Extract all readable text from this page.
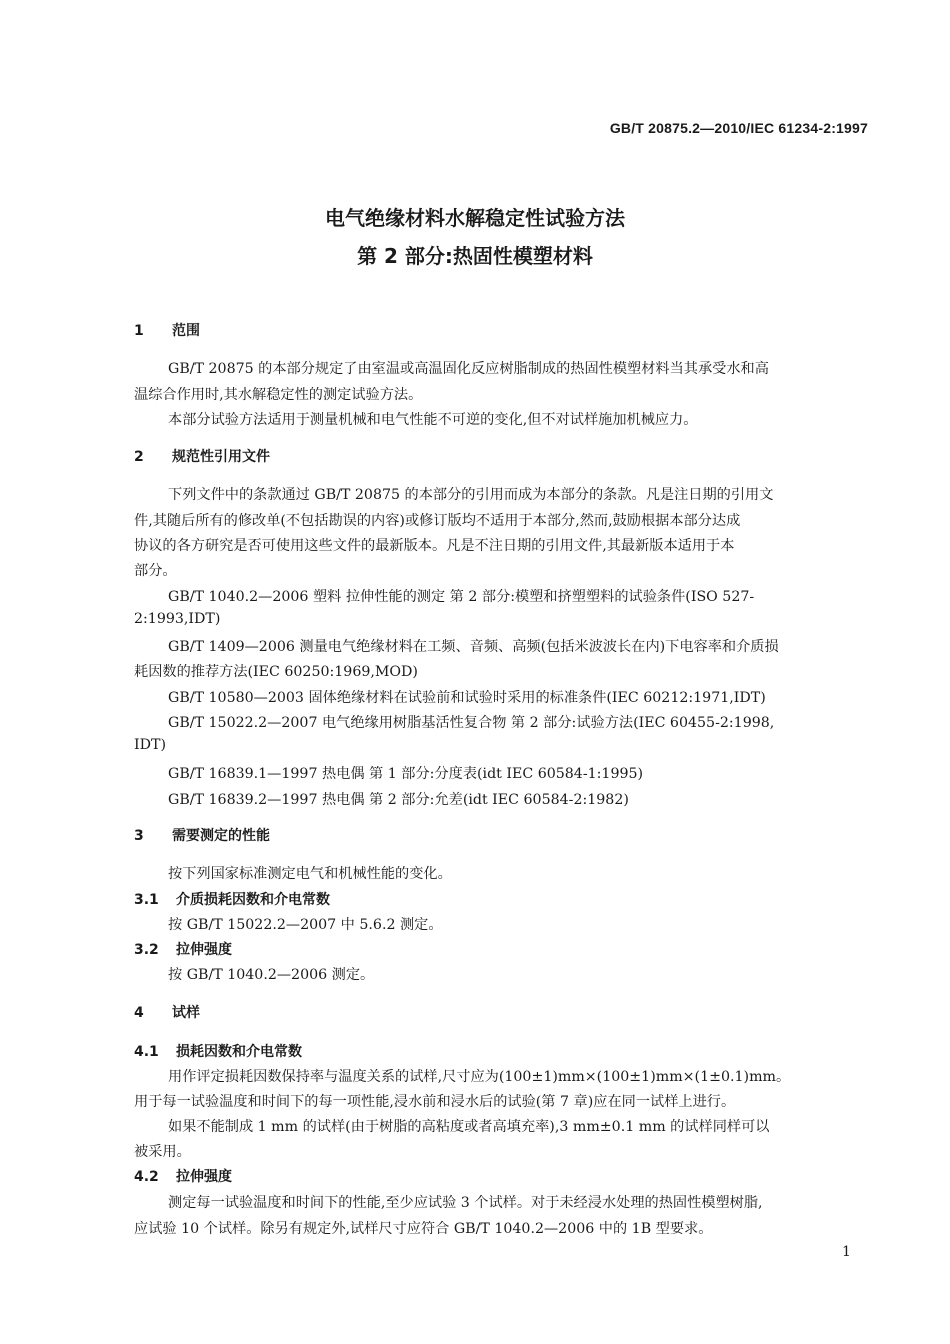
GB/T 20875.2—2010/IEC 61234-2:1997
电气绝缘材料水解稳定性试验方法
第 2 部分:热固性模塑材料
1 范围
GB/T 20875 的本部分规定了由室温或高温固化反应树脂制成的热固性模塑材料当其承受水和高
温综合作用时,其水解稳定性的测定试验方法。
本部分试验方法适用于测量机械和电气性能不可逆的变化,但不对试样施加机械应力。
2 规范性引用文件
下列文件中的条款通过 GB/T 20875 的本部分的引用而成为本部分的条款。凡是注日期的引用文
件,其随后所有的修改单(不包括勘误的内容)或修订版均不适用于本部分,然而,鼓励根据本部分达成
协议的各方研究是否可使用这些文件的最新版本。凡是不注日期的引用文件,其最新版本适用于本
部分。
GB/T 1040.2—2006 塑料 拉伸性能的测定 第 2 部分:模塑和挤塑塑料的试验条件(ISO 527-
2:1993,IDT)
GB/T 1409—2006 测量电气绝缘材料在工频、音频、高频(包括米波波长在内)下电容率和介质损
耗因数的推荐方法(IEC 60250:1969,MOD)
GB/T 10580—2003 固体绝缘材料在试验前和试验时采用的标准条件(IEC 60212:1971,IDT)
GB/T 15022.2—2007 电气绝缘用树脂基活性复合物 第 2 部分:试验方法(IEC 60455-2:1998,
IDT)
GB/T 16839.1—1997 热电偶 第 1 部分:分度表(idt IEC 60584-1:1995)
GB/T 16839.2—1997 热电偶 第 2 部分:允差(idt IEC 60584-2:1982)
3 需要测定的性能
按下列国家标准测定电气和机械性能的变化。
3.1 介质损耗因数和介电常数
按 GB/T 15022.2—2007 中 5.6.2 测定。
3.2 拉伸强度
按 GB/T 1040.2—2006 测定。
4 试样
4.1 损耗因数和介电常数
用作评定损耗因数保持率与温度关系的试样,尺寸应为(100±1)mm×(100±1)mm×(1±0.1)mm。
用于每一试验温度和时间下的每一项性能,浸水前和浸水后的试验(第 7 章)应在同一试样上进行。
如果不能制成 1 mm 的试样(由于树脂的高粘度或者高填充率),3 mm±0.1 mm 的试样同样可以
被采用。
4.2 拉伸强度
测定每一试验温度和时间下的性能,至少应试验 3 个试样。对于未经浸水处理的热固性模塑树脂,
应试验 10 个试样。除另有规定外,试样尺寸应符合 GB/T 1040.2—2006 中的 1B 型要求。
1
